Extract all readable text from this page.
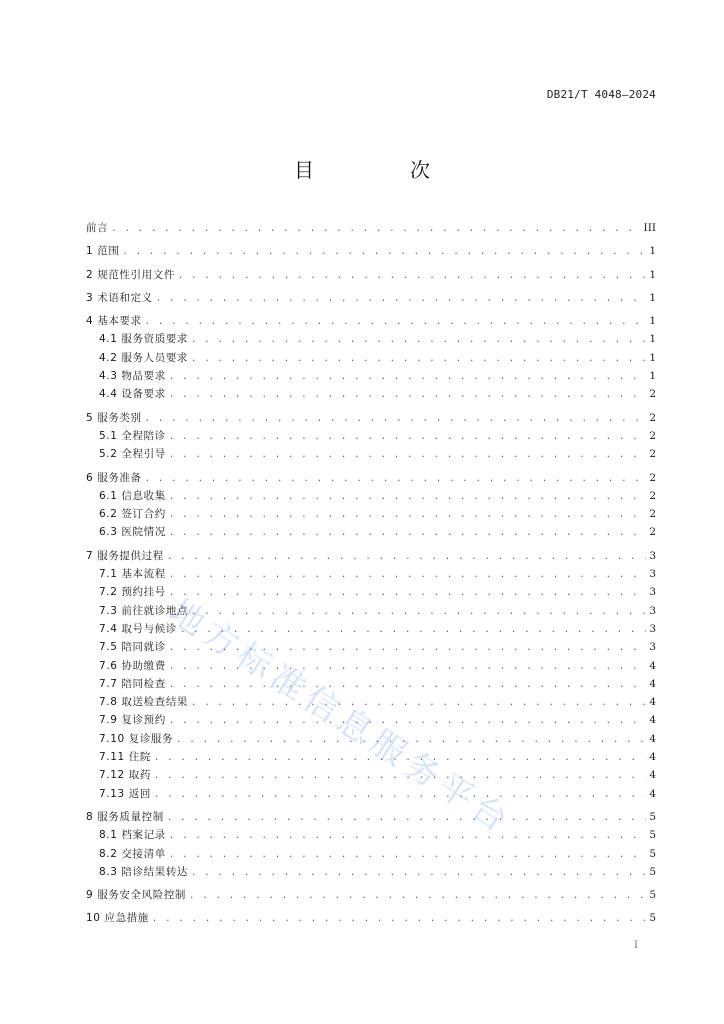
DB21/T 4048—2024
目　次
前言 . . .	III
1 范围 . . .	1
2 规范性引用文件 . . .	1
3 术语和定义 . . .	1
4 基本要求 . . .	1
4.1 服务资质要求 . . .	1
4.2 服务人员要求 . . .	1
4.3 物品要求 . . .	1
4.4 设备要求 . . .	2
5 服务类别 . . .	2
5.1 全程陪诊 . . .	2
5.2 全程引导 . . .	2
6 服务准备 . . .	2
6.1 信息收集 . . .	2
6.2 签订合约 . . .	2
6.3 医院情况 . . .	2
7 服务提供过程 . . .	3
7.1 基本流程 . . .	3
7.2 预约挂号 . . .	3
7.3 前往就诊地点 . . .	3
7.4 取号与候诊 . . .	3
7.5 陪同就诊 . . .	3
7.6 协助缴费 . . .	4
7.7 陪同检查 . . .	4
7.8 取送检查结果 . . .	4
7.9 复诊预约 . . .	4
7.10 复诊服务 . . .	4
7.11 住院 . . .	4
7.12 取药 . . .	4
7.13 返回 . . .	4
8 服务质量控制 . . .	5
8.1 档案记录 . . .	5
8.2 交接清单 . . .	5
8.3 陪诊结果转达 . . .	5
9 服务安全风险控制 . . .	5
10 应急措施 . . .	5
I
地方标准信息服务平台
